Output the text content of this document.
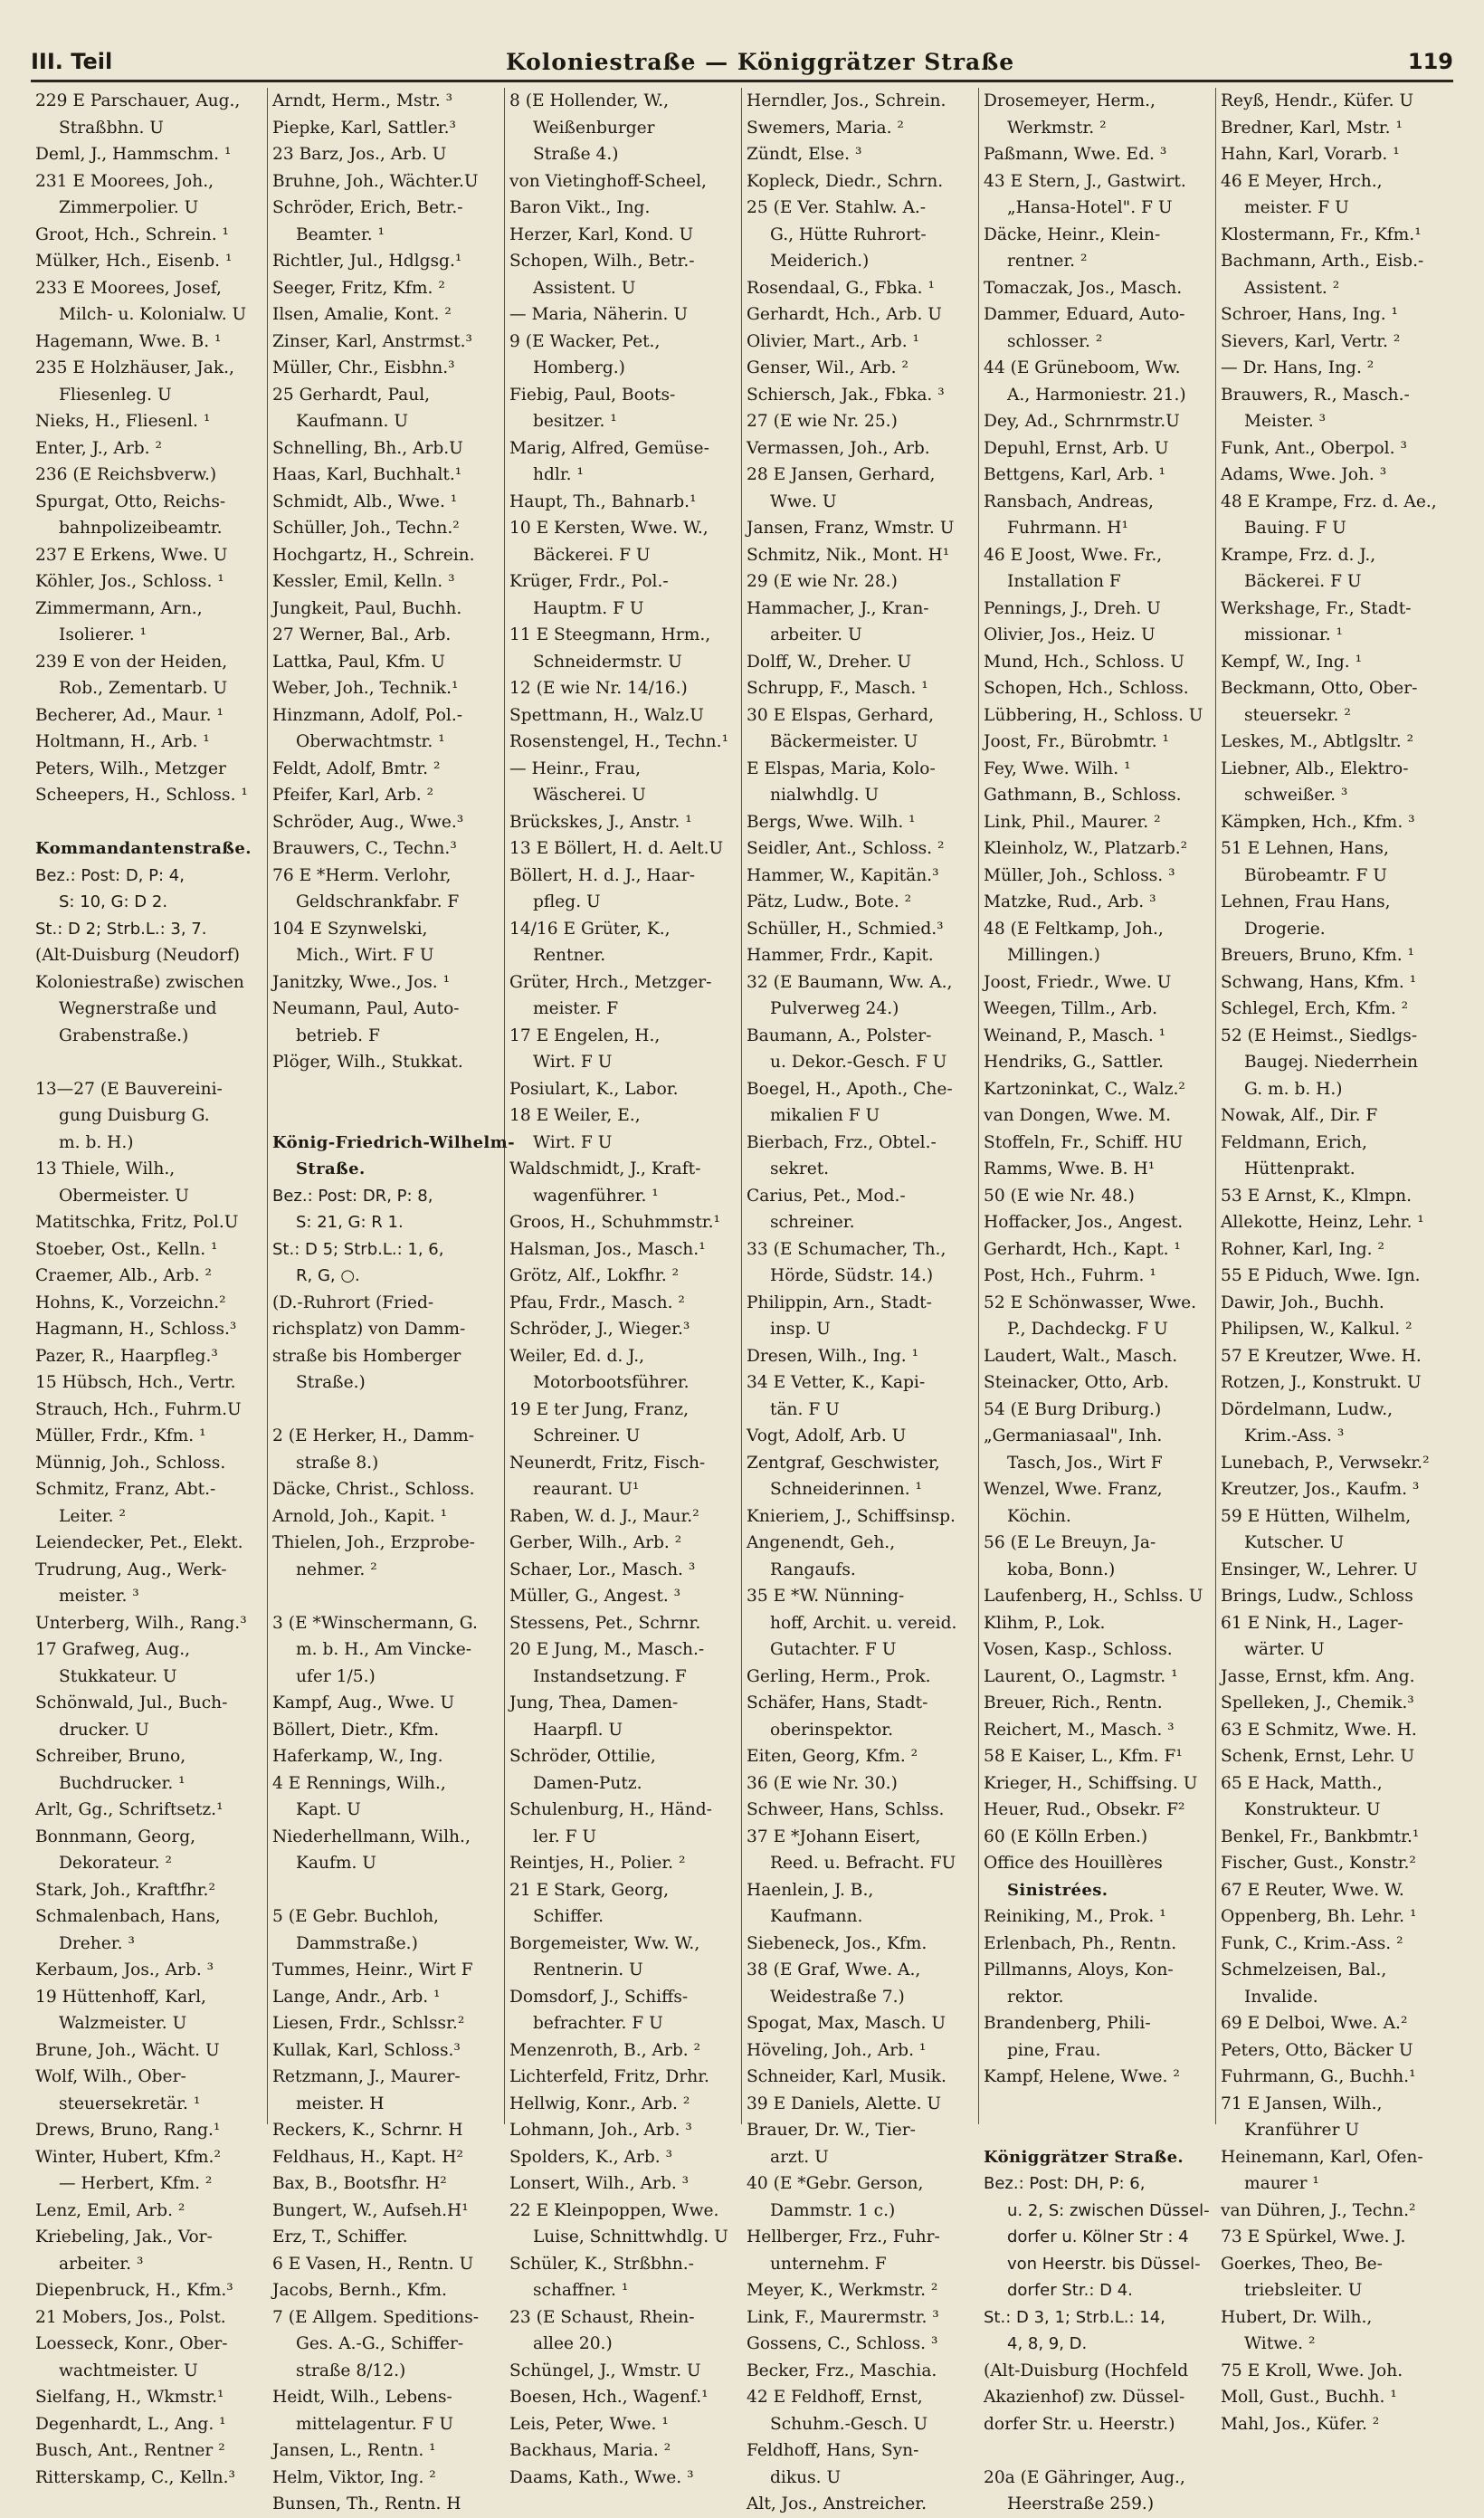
III. Teil	Koloniestraße — Königgrätzer Straße	119
229 E Parschauer, Aug.,
Straßbhn. U
Deml, J., Hammschm. ¹
231 E Moorees, Joh.,
Zimmerpolier. U
Groot, Hch., Schrein. ¹
Mülker, Hch., Eisenb. ¹
233 E Moorees, Josef,
Milch- u. Kolonialw. U
Hagemann, Wwe. B. ¹
235 E Holzhäuser, Jak.,
Fliesenleg. U
Nieks, H., Fliesenl. ¹
Enter, J., Arb. ²
236 (E Reichsbverw.)
Spurgat, Otto, Reichs-
bahnpolizeibeamtr.
237 E Erkens, Wwe. U
Köhler, Jos., Schloss. ¹
Zimmermann, Arn.,
Isolierer. ¹
239 E von der Heiden,
Rob., Zementarb. U
Becherer, Ad., Maur. ¹
Holtmann, H., Arb. ¹
Peters, Wilh., Metzger
Scheepers, H., Schloss. ¹
Kommandantenstraße.
Bez.: Post: D, P: 4,
S: 10, G: D 2.
St.: D 2; Strb.L.: 3, 7.
(Alt-Duisburg (Neudorf)
Koloniestraße) zwischen
Wegnerstraße und
Grabenstraße.)
13—27 (E Bauvereini-
gung Duisburg G.
m. b. H.)
13 Thiele, Wilh.,
Obermeister. U
Matitschka, Fritz, Pol.U
Stoeber, Ost., Kelln. ¹
Craemer, Alb., Arb. ²
Hohns, K., Vorzeichn.²
Hagmann, H., Schloss.³
Pazer, R., Haarpfleg.³
15 Hübsch, Hch., Vertr.
Strauch, Hch., Fuhrm.U
Müller, Frdr., Kfm. ¹
Münnig, Joh., Schloss.
Schmitz, Franz, Abt.-
Leiter. ²
Leiendecker, Pet., Elekt.
Trudrung, Aug., Werk-
meister. ³
Unterberg, Wilh., Rang.³
17 Grafweg, Aug.,
Stukkateur. U
Schönwald, Jul., Buch-
drucker. U
Schreiber, Bruno,
Buchdrucker. ¹
Arlt, Gg., Schriftsetz.¹
Bonnmann, Georg,
Dekorateur. ²
Stark, Joh., Kraftfhr.²
Schmalenbach, Hans,
Dreher. ³
Kerbaum, Jos., Arb. ³
19 Hüttenhoff, Karl,
Walzmeister. U
Brune, Joh., Wächt. U
Wolf, Wilh., Ober-
steuersekretär. ¹
Drews, Bruno, Rang.¹
Winter, Hubert, Kfm.²
— Herbert, Kfm. ²
Lenz, Emil, Arb. ²
Kriebeling, Jak., Vor-
arbeiter. ³
Diepenbruck, H., Kfm.³
21 Mobers, Jos., Polst.
Loesseck, Konr., Ober-
wachtmeister. U
Sielfang, H., Wkmstr.¹
Degenhardt, L., Ang. ¹
Busch, Ant., Rentner ²
Ritterskamp, C., Kelln.³
Arndt, Herm., Mstr. ³
Piepke, Karl, Sattler.³
23 Barz, Jos., Arb. U
Bruhne, Joh., Wächter.U
Schröder, Erich, Betr.-
Beamter. ¹
Richtler, Jul., Hdlgsg.¹
Seeger, Fritz, Kfm. ²
Ilsen, Amalie, Kont. ²
Zinser, Karl, Anstrmst.³
Müller, Chr., Eisbhn.³
25 Gerhardt, Paul,
Kaufmann. U
Schnelling, Bh., Arb.U
Haas, Karl, Buchhalt.¹
Schmidt, Alb., Wwe. ¹
Schüller, Joh., Techn.²
Hochgartz, H., Schrein.
Kessler, Emil, Kelln. ³
Jungkeit, Paul, Buchh.
27 Werner, Bal., Arb.
Lattka, Paul, Kfm. U
Weber, Joh., Technik.¹
Hinzmann, Adolf, Pol.-
Oberwachtmstr. ¹
Feldt, Adolf, Bmtr. ²
Pfeifer, Karl, Arb. ²
Schröder, Aug., Wwe.³
Brauwers, C., Techn.³
76 E *Herm. Verlohr,
Geldschrankfabr. F
104 E Szynwelski,
Mich., Wirt. F U
Janitzky, Wwe., Jos. ¹
Neumann, Paul, Auto-
betrieb. F
Plöger, Wilh., Stukkat.
König-Friedrich-Wilhelm-
Straße.
Bez.: Post: DR, P: 8,
S: 21, G: R 1.
St.: D 5; Strb.L.: 1, 6,
R, G, ○.
(D.-Ruhrort (Fried-
richsplatz) von Damm-
straße bis Homberger
Straße.)
2 (E Herker, H., Damm-
straße 8.)
Däcke, Christ., Schloss.
Arnold, Joh., Kapit. ¹
Thielen, Joh., Erzprobe-
nehmer. ²
3 (E *Winschermann, G.
m. b. H., Am Vincke-
ufer 1/5.)
Kampf, Aug., Wwe. U
Böllert, Dietr., Kfm.
Haferkamp, W., Ing.
4 E Rennings, Wilh.,
Kapt. U
Niederhellmann, Wilh.,
Kaufm. U
5 (E Gebr. Buchloh,
Dammstraße.)
Tummes, Heinr., Wirt F
Lange, Andr., Arb. ¹
Liesen, Frdr., Schlssr.²
Kullak, Karl, Schloss.³
Retzmann, J., Maurer-
meister. H
Reckers, K., Schrnr. H
Feldhaus, H., Kapt. H²
Bax, B., Bootsfhr. H²
Bungert, W., Aufseh.H¹
Erz, T., Schiffer.
6 E Vasen, H., Rentn. U
Jacobs, Bernh., Kfm.
7 (E Allgem. Speditions-
Ges. A.-G., Schiffer-
straße 8/12.)
Heidt, Wilh., Lebens-
mittelagentur. F U
Jansen, L., Rentn. ¹
Helm, Viktor, Ing. ²
Bunsen, Th., Rentn. H
8 (E Hollender, W.,
Weißenburger
Straße 4.)
von Vietinghoff-Scheel,
Baron Vikt., Ing.
Herzer, Karl, Kond. U
Schopen, Wilh., Betr.-
Assistent. U
— Maria, Näherin. U
9 (E Wacker, Pet.,
Homberg.)
Fiebig, Paul, Boots-
besitzer. ¹
Marig, Alfred, Gemüse-
hdlr. ¹
Haupt, Th., Bahnarb.¹
10 E Kersten, Wwe. W.,
Bäckerei. F U
Krüger, Frdr., Pol.-
Hauptm. F U
11 E Steegmann, Hrm.,
Schneidermstr. U
12 (E wie Nr. 14/16.)
Spettmann, H., Walz.U
Rosenstengel, H., Techn.¹
— Heinr., Frau,
Wäscherei. U
Brückskes, J., Anstr. ¹
13 E Böllert, H. d. Aelt.U
Böllert, H. d. J., Haar-
pfleg. U
14/16 E Grüter, K.,
Rentner.
Grüter, Hrch., Metzger-
meister. F
17 E Engelen, H.,
Wirt. F U
Posiulart, K., Labor.
18 E Weiler, E.,
Wirt. F U
Waldschmidt, J., Kraft-
wagenführer. ¹
Groos, H., Schuhmmstr.¹
Halsman, Jos., Masch.¹
Grötz, Alf., Lokfhr. ²
Pfau, Frdr., Masch. ²
Schröder, J., Wieger.³
Weiler, Ed. d. J.,
Motorbootsführer.
19 E ter Jung, Franz,
Schreiner. U
Neunerdt, Fritz, Fisch-
reaurant. U¹
Raben, W. d. J., Maur.²
Gerber, Wilh., Arb. ²
Schaer, Lor., Masch. ³
Müller, G., Angest. ³
Stessens, Pet., Schrnr.
20 E Jung, M., Masch.-
Instandsetzung. F
Jung, Thea, Damen-
Haarpfl. U
Schröder, Ottilie,
Damen-Putz.
Schulenburg, H., Händ-
ler. F U
Reintjes, H., Polier. ²
21 E Stark, Georg,
Schiffer.
Borgemeister, Ww. W.,
Rentnerin. U
Domsdorf, J., Schiffs-
befrachter. F U
Menzenroth, B., Arb. ²
Lichterfeld, Fritz, Drhr.
Hellwig, Konr., Arb. ²
Lohmann, Joh., Arb. ³
Spolders, K., Arb. ³
Lonsert, Wilh., Arb. ³
22 E Kleinpoppen, Wwe.
Luise, Schnittwhdlg. U
Schüler, K., Strßbhn.-
schaffner. ¹
23 (E Schaust, Rhein-
allee 20.)
Schüngel, J., Wmstr. U
Boesen, Hch., Wagenf.¹
Leis, Peter, Wwe. ¹
Backhaus, Maria. ²
Daams, Kath., Wwe. ³
Herndler, Jos., Schrein.
Swemers, Maria. ²
Zündt, Else. ³
Kopleck, Diedr., Schrn.
25 (E Ver. Stahlw. A.-
G., Hütte Ruhrort-
Meiderich.)
Rosendaal, G., Fbka. ¹
Gerhardt, Hch., Arb. U
Olivier, Mart., Arb. ¹
Genser, Wil., Arb. ²
Schiersch, Jak., Fbka. ³
27 (E wie Nr. 25.)
Vermassen, Joh., Arb.
28 E Jansen, Gerhard,
Wwe. U
Jansen, Franz, Wmstr. U
Schmitz, Nik., Mont. H¹
29 (E wie Nr. 28.)
Hammacher, J., Kran-
arbeiter. U
Dolff, W., Dreher. U
Schrupp, F., Masch. ¹
30 E Elspas, Gerhard,
Bäckermeister. U
E Elspas, Maria, Kolo-
nialwhdlg. U
Bergs, Wwe. Wilh. ¹
Seidler, Ant., Schloss. ²
Hammer, W., Kapitän.³
Pätz, Ludw., Bote. ²
Schüller, H., Schmied.³
Hammer, Frdr., Kapit.
32 (E Baumann, Ww. A.,
Pulverweg 24.)
Baumann, A., Polster-
u. Dekor.-Gesch. F U
Boegel, H., Apoth., Che-
mikalien F U
Bierbach, Frz., Obtel.-
sekret.
Carius, Pet., Mod.-
schreiner.
33 (E Schumacher, Th.,
Hörde, Südstr. 14.)
Philippin, Arn., Stadt-
insp. U
Dresen, Wilh., Ing. ¹
34 E Vetter, K., Kapi-
tän. F U
Vogt, Adolf, Arb. U
Zentgraf, Geschwister,
Schneiderinnen. ¹
Knieriem, J., Schiffsinsp.
Angenendt, Geh.,
Rangaufs.
35 E *W. Nünning-
hoff, Archit. u. vereid.
Gutachter. F U
Gerling, Herm., Prok.
Schäfer, Hans, Stadt-
oberinspektor.
Eiten, Georg, Kfm. ²
36 (E wie Nr. 30.)
Schweer, Hans, Schlss.
37 E *Johann Eisert,
Reed. u. Befracht. FU
Haenlein, J. B.,
Kaufmann.
Siebeneck, Jos., Kfm.
38 (E Graf, Wwe. A.,
Weidestraße 7.)
Spogat, Max, Masch. U
Höveling, Joh., Arb. ¹
Schneider, Karl, Musik.
39 E Daniels, Alette. U
Brauer, Dr. W., Tier-
arzt. U
40 (E *Gebr. Gerson,
Dammstr. 1 c.)
Hellberger, Frz., Fuhr-
unternehm. F
Meyer, K., Werkmstr. ²
Link, F., Maurermstr. ³
Gossens, C., Schloss. ³
Becker, Frz., Maschia.
42 E Feldhoff, Ernst,
Schuhm.-Gesch. U
Feldhoff, Hans, Syn-
dikus. U
Alt, Jos., Anstreicher.
Drosemeyer, Herm.,
Werkmstr. ²
Paßmann, Wwe. Ed. ³
43 E Stern, J., Gastwirt.
„Hansa-Hotel". F U
Däcke, Heinr., Klein-
rentner. ²
Tomaczak, Jos., Masch.
Dammer, Eduard, Auto-
schlosser. ²
44 (E Grüneboom, Ww.
A., Harmoniestr. 21.)
Dey, Ad., Schrnrmstr.U
Depuhl, Ernst, Arb. U
Bettgens, Karl, Arb. ¹
Ransbach, Andreas,
Fuhrmann. H¹
46 E Joost, Wwe. Fr.,
Installation F
Pennings, J., Dreh. U
Olivier, Jos., Heiz. U
Mund, Hch., Schloss. U
Schopen, Hch., Schloss.
Lübbering, H., Schloss. U
Joost, Fr., Bürobmtr. ¹
Fey, Wwe. Wilh. ¹
Gathmann, B., Schloss.
Link, Phil., Maurer. ²
Kleinholz, W., Platzarb.²
Müller, Joh., Schloss. ³
Matzke, Rud., Arb. ³
48 (E Feltkamp, Joh.,
Millingen.)
Joost, Friedr., Wwe. U
Weegen, Tillm., Arb.
Weinand, P., Masch. ¹
Hendriks, G., Sattler.
Kartzoninkat, C., Walz.²
van Dongen, Wwe. M.
Stoffeln, Fr., Schiff. HU
Ramms, Wwe. B. H¹
50 (E wie Nr. 48.)
Hoffacker, Jos., Angest.
Gerhardt, Hch., Kapt. ¹
Post, Hch., Fuhrm. ¹
52 E Schönwasser, Wwe.
P., Dachdeckg. F U
Laudert, Walt., Masch.
Steinacker, Otto, Arb.
54 (E Burg Driburg.)
„Germaniasaal", Inh.
Tasch, Jos., Wirt F
Wenzel, Wwe. Franz,
Köchin.
56 (E Le Breuyn, Ja-
koba, Bonn.)
Laufenberg, H., Schlss. U
Klihm, P., Lok.
Vosen, Kasp., Schloss.
Laurent, O., Lagmstr. ¹
Breuer, Rich., Rentn.
Reichert, M., Masch. ³
58 E Kaiser, L., Kfm. F¹
Krieger, H., Schiffsing. U
Heuer, Rud., Obsekr. F²
60 (E Kölln Erben.)
Office des Houillères
Sinistrées.
Reiniking, M., Prok. ¹
Erlenbach, Ph., Rentn.
Pillmanns, Aloys, Kon-
rektor.
Brandenberg, Phili-
pine, Frau.
Kampf, Helene, Wwe. ²
Königgrätzer Straße.
Bez.: Post: DH, P: 6,
u. 2, S: zwischen Düssel-
dorfer u. Kölner Str : 4
von Heerstr. bis Düssel-
dorfer Str.: D 4.
St.: D 3, 1; Strb.L.: 14,
4, 8, 9, D.
(Alt-Duisburg (Hochfeld
Akazienhof) zw. Düssel-
dorfer Str. u. Heerstr.)
20a (E Gähringer, Aug.,
Heerstraße 259.)
Reyß, Hendr., Küfer. U
Bredner, Karl, Mstr. ¹
Hahn, Karl, Vorarb. ¹
46 E Meyer, Hrch.,
meister. F U
Klostermann, Fr., Kfm.¹
Bachmann, Arth., Eisb.-
Assistent. ²
Schroer, Hans, Ing. ¹
Sievers, Karl, Vertr. ²
— Dr. Hans, Ing. ²
Brauwers, R., Masch.-
Meister. ³
Funk, Ant., Oberpol. ³
Adams, Wwe. Joh. ³
48 E Krampe, Frz. d. Ae.,
Bauing. F U
Krampe, Frz. d. J.,
Bäckerei. F U
Werkshage, Fr., Stadt-
missionar. ¹
Kempf, W., Ing. ¹
Beckmann, Otto, Ober-
steuersekr. ²
Leskes, M., Abtlgsltr. ²
Liebner, Alb., Elektro-
schweißer. ³
Kämpken, Hch., Kfm. ³
51 E Lehnen, Hans,
Bürobeamtr. F U
Lehnen, Frau Hans,
Drogerie.
Breuers, Bruno, Kfm. ¹
Schwang, Hans, Kfm. ¹
Schlegel, Erch, Kfm. ²
52 (E Heimst., Siedlgs-
Baugej. Niederrhein
G. m. b. H.)
Nowak, Alf., Dir. F
Feldmann, Erich,
Hüttenprakt.
53 E Arnst, K., Klmpn.
Allekotte, Heinz, Lehr. ¹
Rohner, Karl, Ing. ²
55 E Piduch, Wwe. Ign.
Dawir, Joh., Buchh.
Philipsen, W., Kalkul. ²
57 E Kreutzer, Wwe. H.
Rotzen, J., Konstrukt. U
Dördelmann, Ludw.,
Krim.-Ass. ³
Lunebach, P., Verwsekr.²
Kreutzer, Jos., Kaufm. ³
59 E Hütten, Wilhelm,
Kutscher. U
Ensinger, W., Lehrer. U
Brings, Ludw., Schloss
61 E Nink, H., Lager-
wärter. U
Jasse, Ernst, kfm. Ang.
Spelleken, J., Chemik.³
63 E Schmitz, Wwe. H.
Schenk, Ernst, Lehr. U
65 E Hack, Matth.,
Konstrukteur. U
Benkel, Fr., Bankbmtr.¹
Fischer, Gust., Konstr.²
67 E Reuter, Wwe. W.
Oppenberg, Bh. Lehr. ¹
Funk, C., Krim.-Ass. ²
Schmelzeisen, Bal.,
Invalide.
69 E Delboi, Wwe. A.²
Peters, Otto, Bäcker U
Fuhrmann, G., Buchh.¹
71 E Jansen, Wilh.,
Kranführer U
Heinemann, Karl, Ofen-
maurer ¹
van Dühren, J., Techn.²
73 E Spürkel, Wwe. J.
Goerkes, Theo, Be-
triebsleiter. U
Hubert, Dr. Wilh.,
Witwe. ²
75 E Kroll, Wwe. Joh.
Moll, Gust., Buchh. ¹
Mahl, Jos., Küfer. ²
